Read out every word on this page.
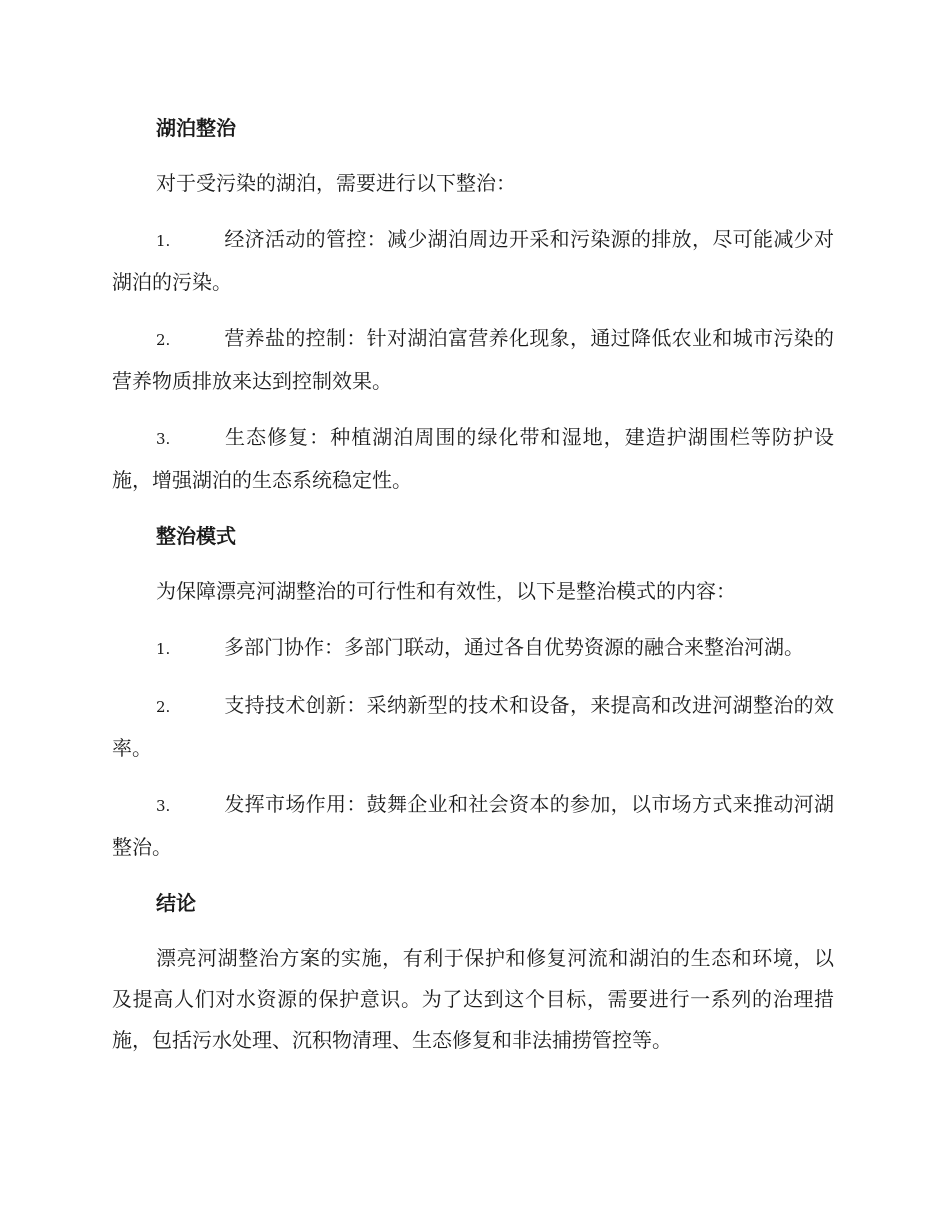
湖泊整治

对于受污染的湖泊，需要进行以下整治：

1.	经济活动的管控：减少湖泊周边开采和污染源的排放，尽可能减少对湖泊的污染。

2.	营养盐的控制：针对湖泊富营养化现象，通过降低农业和城市污染的营养物质排放来达到控制效果。

3.	生态修复：种植湖泊周围的绿化带和湿地，建造护湖围栏等防护设施，增强湖泊的生态系统稳定性。

整治模式

为保障漂亮河湖整治的可行性和有效性，以下是整治模式的内容：

1.	多部门协作：多部门联动，通过各自优势资源的融合来整治河湖。

2.	支持技术创新：采纳新型的技术和设备，来提高和改进河湖整治的效率。

3.	发挥市场作用：鼓舞企业和社会资本的参加，以市场方式来推动河湖整治。

结论

漂亮河湖整治方案的实施，有利于保护和修复河流和湖泊的生态和环境，以及提高人们对水资源的保护意识。为了达到这个目标，需要进行一系列的治理措施，包括污水处理、沉积物清理、生态修复和非法捕捞管控等。
